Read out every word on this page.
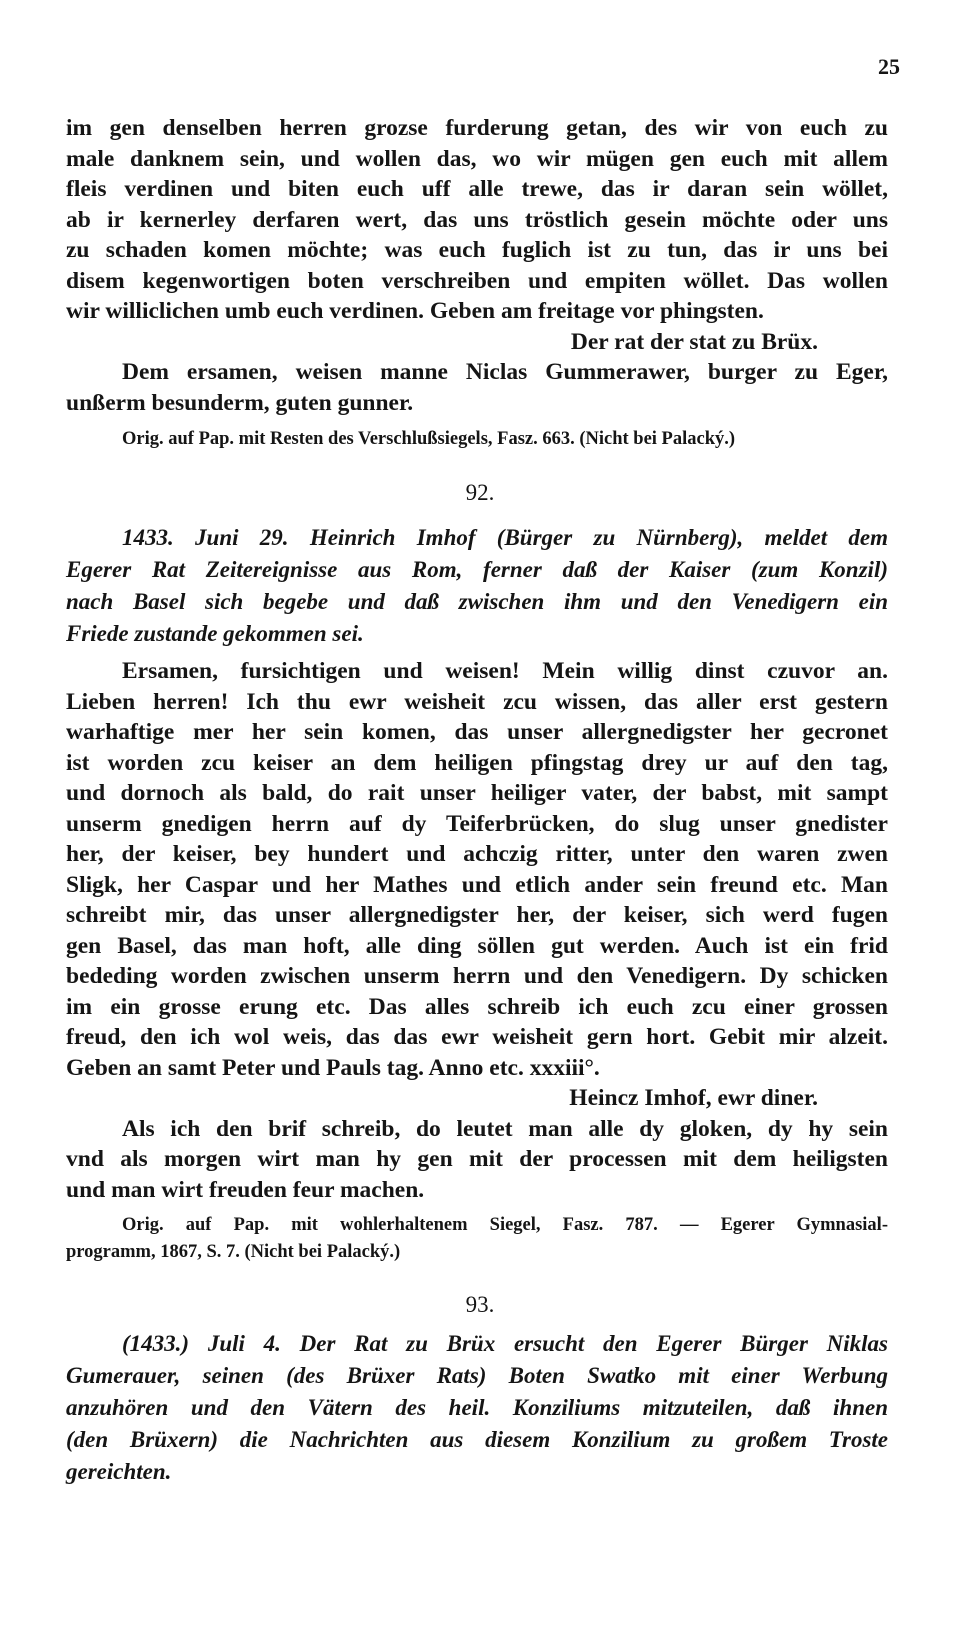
25
im gen denselben herren grozse furderung getan, des wir von euch zu
male danknem sein, und wollen das, wo wir mügen gen euch mit allem
fleis verdinen und biten euch uff alle trewe, das ir daran sein wöllet,
ab ir kernerley derfaren wert, das uns tröstlich gesein möchte oder uns
zu schaden komen möchte; was euch fuglich ist zu tun, das ir uns bei
disem kegenwortigen boten verschreiben und empiten wöllet. Das wollen
wir williclichen umb euch verdinen. Geben am freitage vor phingsten.
Der rat der stat zu Brüx.
Dem ersamen, weisen manne Niclas Gummerawer, burger zu Eger,
unßerm besunderm, guten gunner.
Orig. auf Pap. mit Resten des Verschlußsiegels, Fasz. 663. (Nicht bei Palacký.)
92.
1433. Juni 29. Heinrich Imhof (Bürger zu Nürnberg), meldet dem
Egerer Rat Zeitereignisse aus Rom, ferner daß der Kaiser (zum Konzil)
nach Basel sich begebe und daß zwischen ihm und den Venedigern ein
Friede zustande gekommen sei.
Ersamen, fursichtigen und weisen! Mein willig dinst czuvor an.
Lieben herren! Ich thu ewr weisheit zcu wissen, das aller erst gestern
warhaftige mer her sein komen, das unser allergnedigster her gecronet
ist worden zcu keiser an dem heiligen pfingstag drey ur auf den tag,
und dornoch als bald, do rait unser heiliger vater, der babst, mit sampt
unserm gnedigen herrn auf dy Teiferbrücken, do slug unser gnedister
her, der keiser, bey hundert und achczig ritter, unter den waren zwen
Sligk, her Caspar und her Mathes und etlich ander sein freund etc. Man
schreibt mir, das unser allergnedigster her, der keiser, sich werd fugen
gen Basel, das man hoft, alle ding söllen gut werden. Auch ist ein frid
bededing worden zwischen unserm herrn und den Venedigern. Dy schicken
im ein grosse erung etc. Das alles schreib ich euch zcu einer grossen
freud, den ich wol weis, das das ewr weisheit gern hort. Gebit mir alzeit.
Geben an samt Peter und Pauls tag. Anno etc. xxxiii°.
Heincz Imhof, ewr diner.
Als ich den brif schreib, do leutet man alle dy gloken, dy hy sein
vnd als morgen wirt man hy gen mit der processen mit dem heiligsten
und man wirt freuden feur machen.
Orig. auf Pap. mit wohlerhaltenem Siegel, Fasz. 787. — Egerer Gymnasial-
programm, 1867, S. 7. (Nicht bei Palacký.)
93.
(1433.) Juli 4. Der Rat zu Brüx ersucht den Egerer Bürger Niklas
Gumerauer, seinen (des Brüxer Rats) Boten Swatko mit einer Werbung
anzuhören und den Vätern des heil. Konziliums mitzuteilen, daß ihnen
(den Brüxern) die Nachrichten aus diesem Konzilium zu großem Troste
gereichten.
